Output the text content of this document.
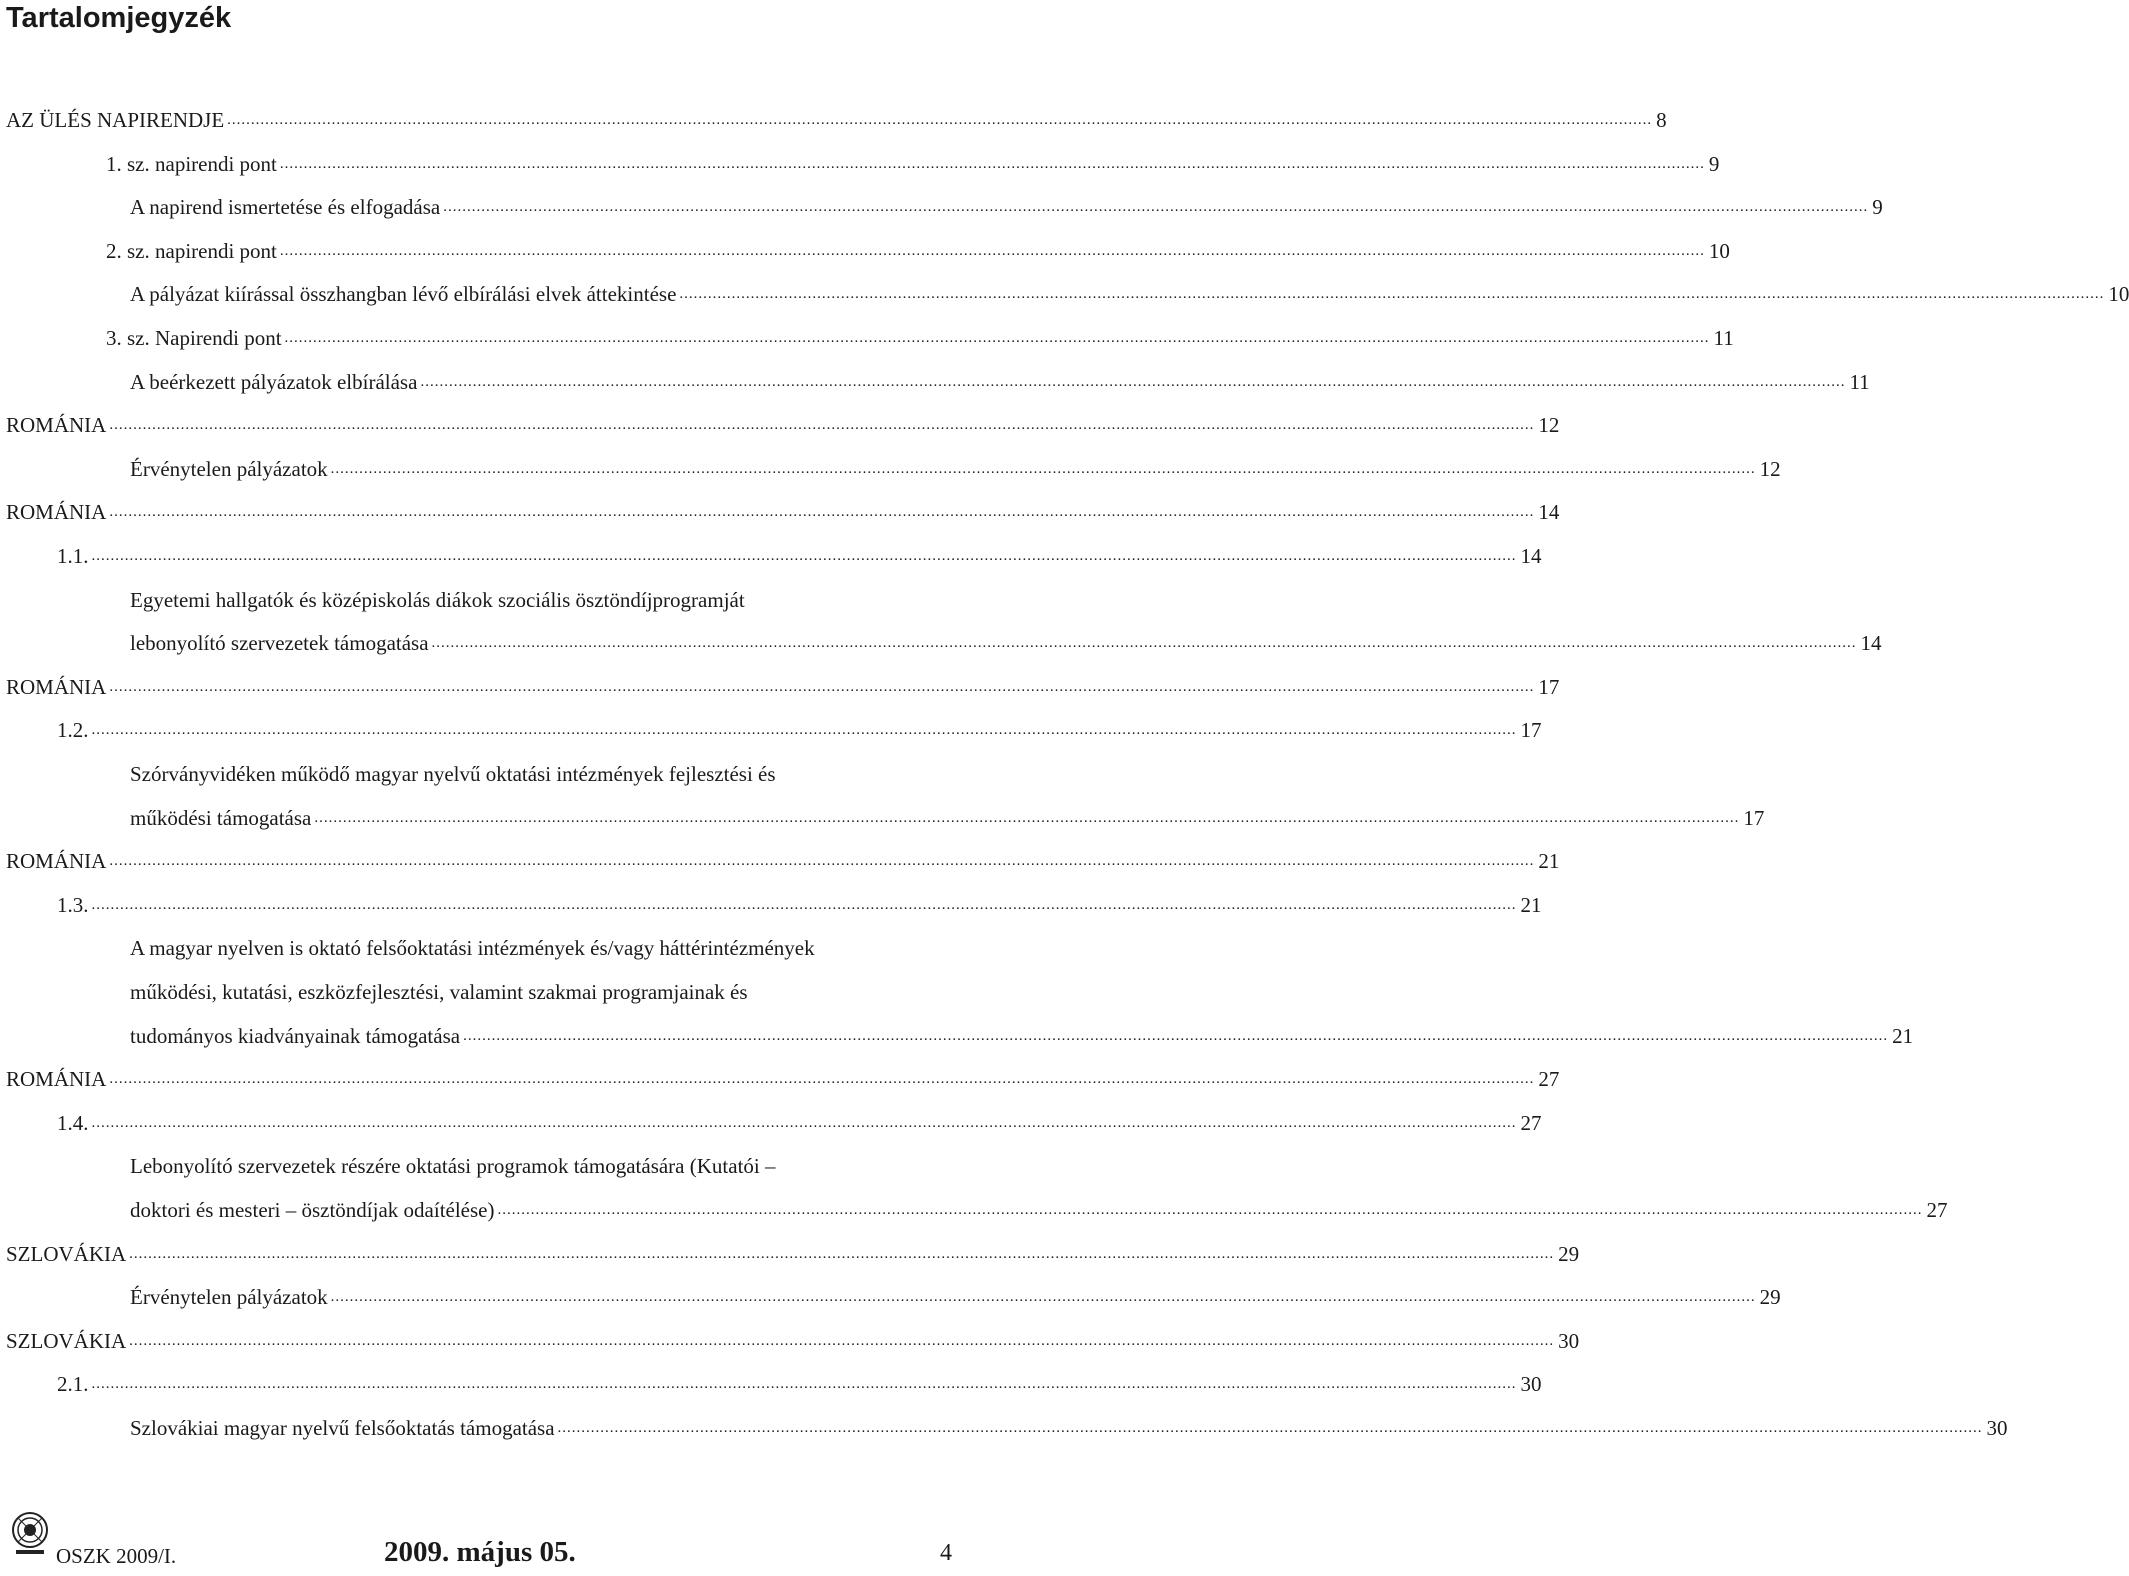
Tartalomjegyzék
AZ ÜLÉS NAPIRENDJE ............................................................................................................................................................................................................................................................................................................ 8
1. sz. napirendi pont ............................................................................................................................................................................................................................................................................................................ 9
A napirend ismertetése és elfogadása ............................................................................................................................................................................................................................................................................................................ 9
2. sz. napirendi pont ............................................................................................................................................................................................................................................................................................................ 10
A pályázat kiírással összhangban lévő elbírálási elvek áttekintése ............................................................................................................................................................................................................................................................................................................ 10
3. sz. Napirendi pont ............................................................................................................................................................................................................................................................................................................ 11
A beérkezett pályázatok elbírálása ............................................................................................................................................................................................................................................................................................................ 11
ROMÁNIA ............................................................................................................................................................................................................................................................................................................ 12
Érvénytelen pályázatok ............................................................................................................................................................................................................................................................................................................ 12
ROMÁNIA ............................................................................................................................................................................................................................................................................................................ 14
1.1. ............................................................................................................................................................................................................................................................................................................ 14
Egyetemi hallgatók és középiskolás diákok szociális ösztöndíjprogramját
lebonyolító szervezetek támogatása ............................................................................................................................................................................................................................................................................................................ 14
ROMÁNIA ............................................................................................................................................................................................................................................................................................................ 17
1.2. ............................................................................................................................................................................................................................................................................................................ 17
Szórványvidéken működő magyar nyelvű oktatási intézmények fejlesztési és
működési támogatása ............................................................................................................................................................................................................................................................................................................ 17
ROMÁNIA ............................................................................................................................................................................................................................................................................................................ 21
1.3. ............................................................................................................................................................................................................................................................................................................ 21
A magyar nyelven is oktató felsőoktatási intézmények és/vagy háttérintézmények
működési, kutatási, eszközfejlesztési, valamint szakmai programjainak és
tudományos kiadványainak támogatása ............................................................................................................................................................................................................................................................................................................ 21
ROMÁNIA ............................................................................................................................................................................................................................................................................................................ 27
1.4. ............................................................................................................................................................................................................................................................................................................ 27
Lebonyolító szervezetek részére oktatási programok támogatására (Kutatói –
doktori és mesteri – ösztöndíjak odaítélése) ............................................................................................................................................................................................................................................................................................................ 27
SZLOVÁKIA ............................................................................................................................................................................................................................................................................................................ 29
Érvénytelen pályázatok ............................................................................................................................................................................................................................................................................................................ 29
SZLOVÁKIA ............................................................................................................................................................................................................................................................................................................ 30
2.1. ............................................................................................................................................................................................................................................................................................................ 30
Szlovákiai magyar nyelvű felsőoktatás támogatása ............................................................................................................................................................................................................................................................................................................ 30
OSZK 2009/I.	2009. május 05.	4
